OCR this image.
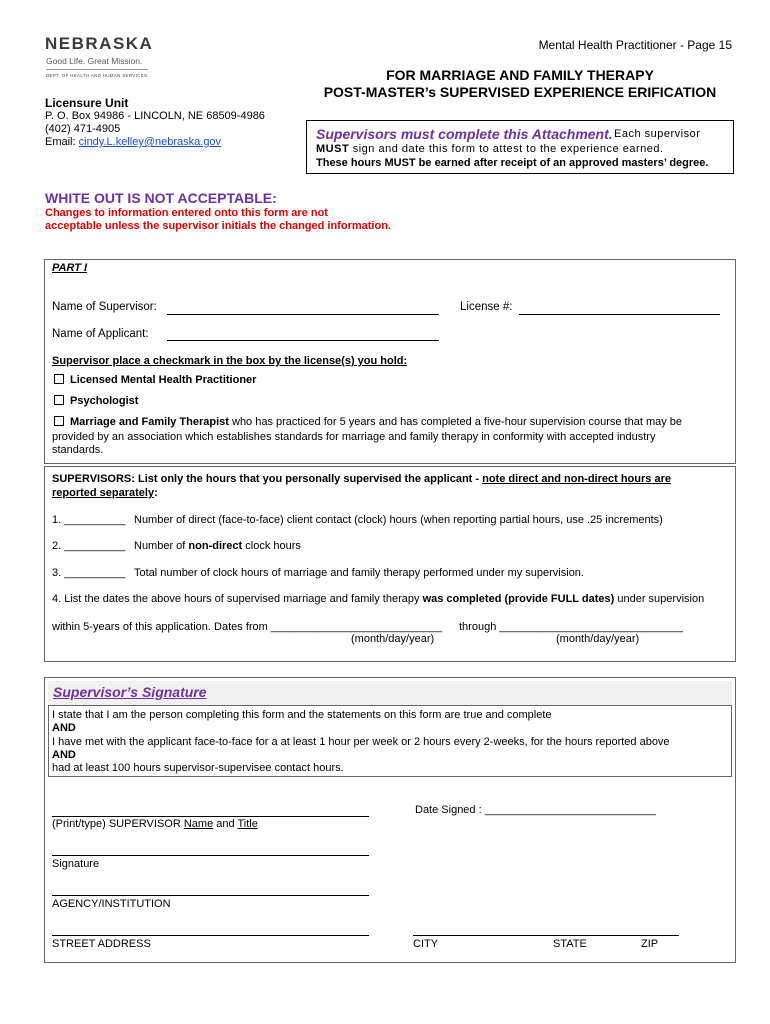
NEBRASKA
Good Life. Great Mission.
DEPT. OF HEALTH AND HUMAN SERVICES
Mental Health Practitioner - Page 15
FOR MARRIAGE AND FAMILY THERAPY
POST-MASTER’s SUPERVISED EXPERIENCE ERIFICATION
Licensure Unit
P. O. Box 94986 - LINCOLN, NE 68509-4986
(402) 471-4905
Email: cindy.L.kelley@nebraska.gov	Supervisors must complete this Attachment. Each supervisor
MUST sign and date this form to attest to the experience earned.
These hours MUST be earned after receipt of an approved masters’ degree.
WHITE OUT IS NOT ACCEPTABLE:
Changes to information entered onto this form are not
acceptable unless the supervisor initials the changed information.
PART I
Name of Supervisor:	License #:
Name of Applicant:
Supervisor place a checkmark in the box by the license(s) you hold:
Licensed Mental Health Practitioner
Psychologist
Marriage and Family Therapist who has practiced for 5 years and has completed a five-hour supervision course that may be
provided by an association which establishes standards for marriage and family therapy in conformity with accepted industry
standards.
SUPERVISORS: List only the hours that you personally supervised the applicant - note direct and non-direct hours are
reported separately:
1. __________ Number of direct (face-to-face) client contact (clock) hours (when reporting partial hours, use .25 increments)
2. __________ Number of non-direct clock hours
3. __________ Total number of clock hours of marriage and family therapy performed under my supervision.
4. List the dates the above hours of supervised marriage and family therapy was completed (provide FULL dates) under supervision
within 5-years of this application. Dates from ____________________________ through ______________________________
(month/day/year)	(month/day/year)
Supervisor’s Signature
I state that I am the person completing this form and the statements on this form are true and complete
AND
I have met with the applicant face-to-face for a at least 1 hour per week or 2 hours every 2-weeks, for the hours reported above
AND
had at least 100 hours supervisor-supervisee contact hours.
Date Signed : ____________________________
(Print/type) SUPERVISOR Name and Title
Signature
AGENCY/INSTITUTION
STREET ADDRESS	CITY	STATE	ZIP
